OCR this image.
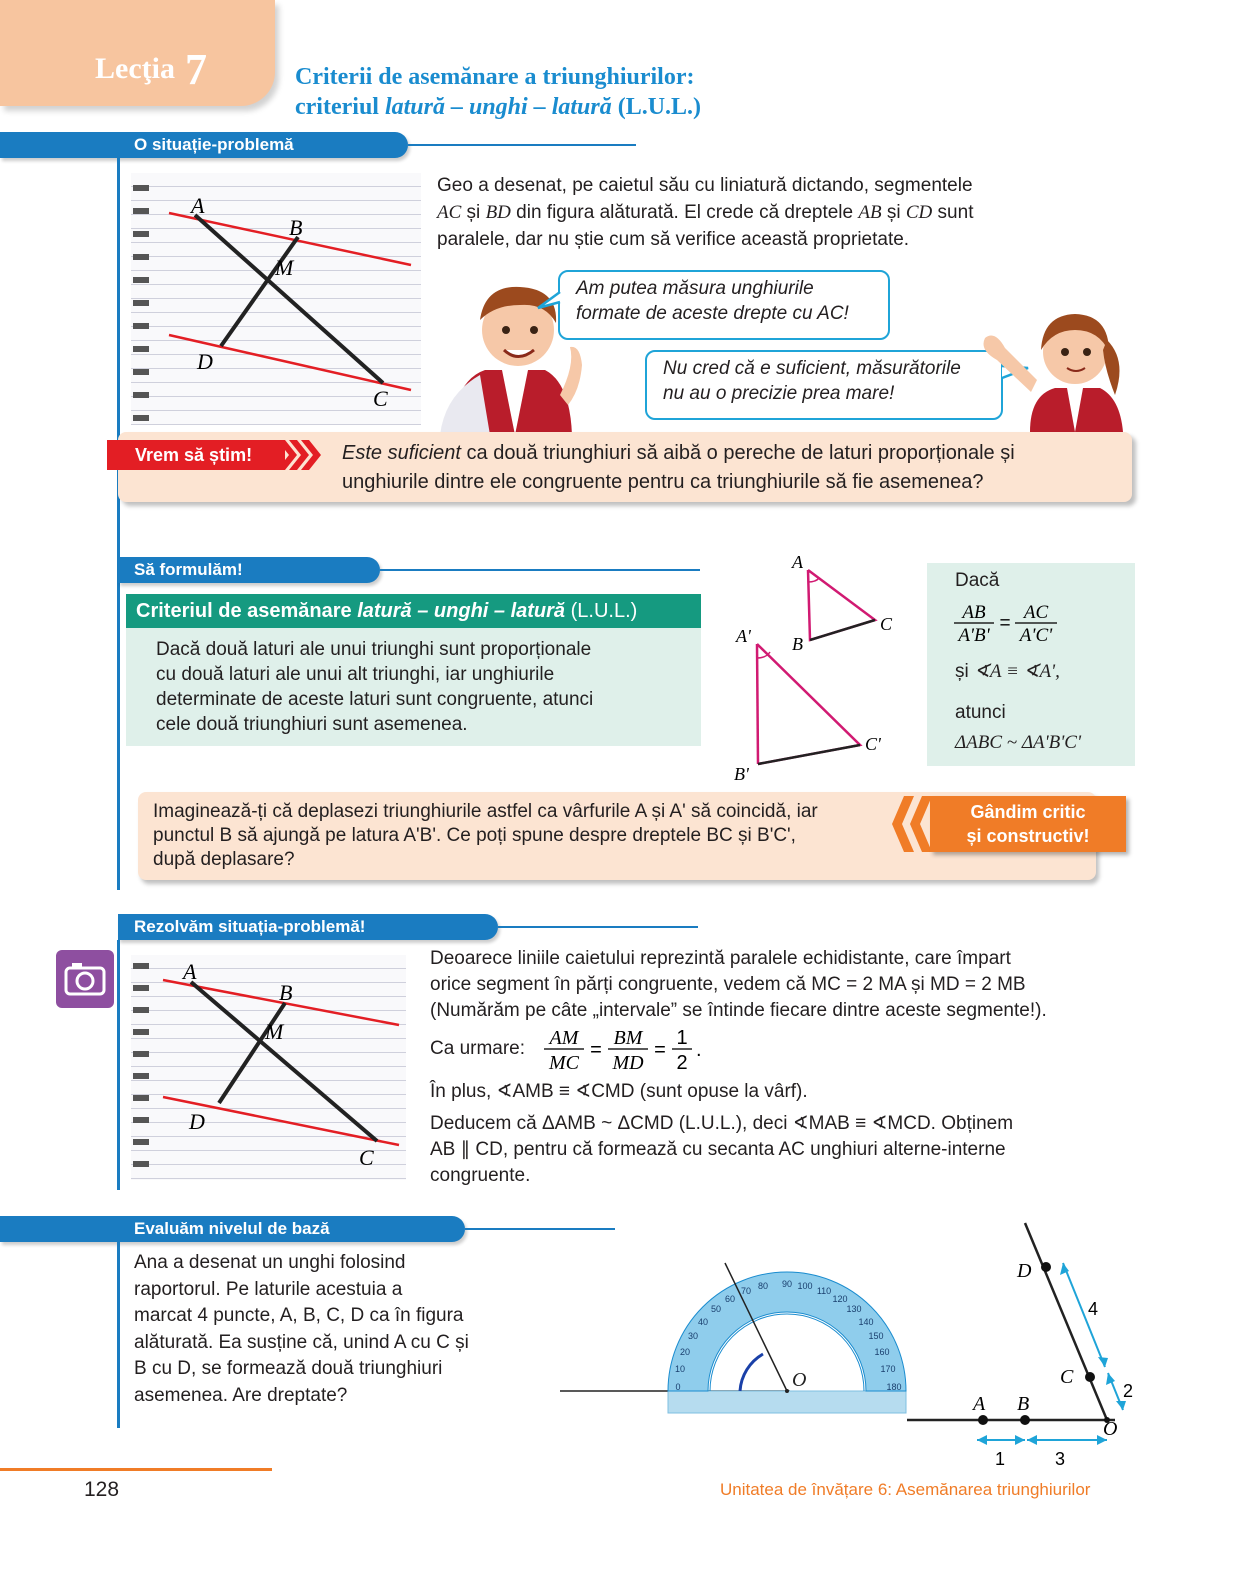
Lecţia 7	Criterii de asemănare a triunghiurilor:
criteriul latură – unghi – latură (L.U.L.)
O situație-problemă
A
B
M
D
C
Geo a desenat, pe caietul său cu liniatură dictando, segmentele
AC și BD din figura alăturată. El crede că dreptele AB și CD sunt
paralele, dar nu știe cum să verifice această proprietate.
Am putea măsura unghiurile
formate de aceste drepte cu AC!
Nu cred că e suficient, măsurătorile
nu au o precizie prea mare!
Vrem să știm!	Este suficient ca două triunghiuri să aibă o pereche de laturi proporționale și
unghiurile dintre ele congruente pentru ca triunghiurile să fie asemenea?
Să formulăm!
Criteriul de asemănare latură – unghi – latură (L.U.L.)
Dacă două laturi ale unui triunghi sunt proporționale
cu două laturi ale unui alt triunghi, iar unghiurile
determinate de aceste laturi sunt congruente, atunci
cele două triunghiuri sunt asemenea.
A
B
C
A'
B'
C'
Dacă
AB
A'B'
=
AC
A'C'
și ∢A ≡ ∢A',
atunci
ΔABC ~ ΔA'B'C'
Imaginează-ți că deplasezi triunghiurile astfel ca vârfurile A și A' să coincidă, iar
punctul B să ajungă pe latura A'B'. Ce poți spune despre dreptele BC și B'C',
după deplasare?
Gândim critic
și constructiv!
Rezolvăm situația-problemă!
A
B
M
D
C
Deoarece liniile caietului reprezintă paralele echidistante, care împart
orice segment în părți congruente, vedem că MC = 2 MA și MD = 2 MB
(Numărăm pe câte „intervale” se întinde fiecare dintre aceste segmente!).
Ca urmare: AM
MC
=
BM
MD
=
1
2
.
În plus, ∢AMB ≡ ∢CMD (sunt opuse la vârf).
Deducem că ΔAMB ~ ΔCMD (L.U.L.), deci ∢MAB ≡ ∢MCD. Obținem
AB ∥ CD, pentru că formează cu secanta AC unghiuri alterne-interne
congruente.
Evaluăm nivelul de bază
Ana a desenat un unghi folosind
raportorul. Pe laturile acestuia a
marcat 4 puncte, A, B, C, D ca în figura
alăturată. Ea susține că, unind A cu C și
B cu D, se formează două triunghiuri
asemenea. Are dreptate?	0
10
20
30
40
50
60
70 80 90 100 110
120
130
140
150
160
170
180
O
D
C
A B
O
4
2
1	3
128	Unitatea de învățare 6: Asemănarea triunghiurilor
